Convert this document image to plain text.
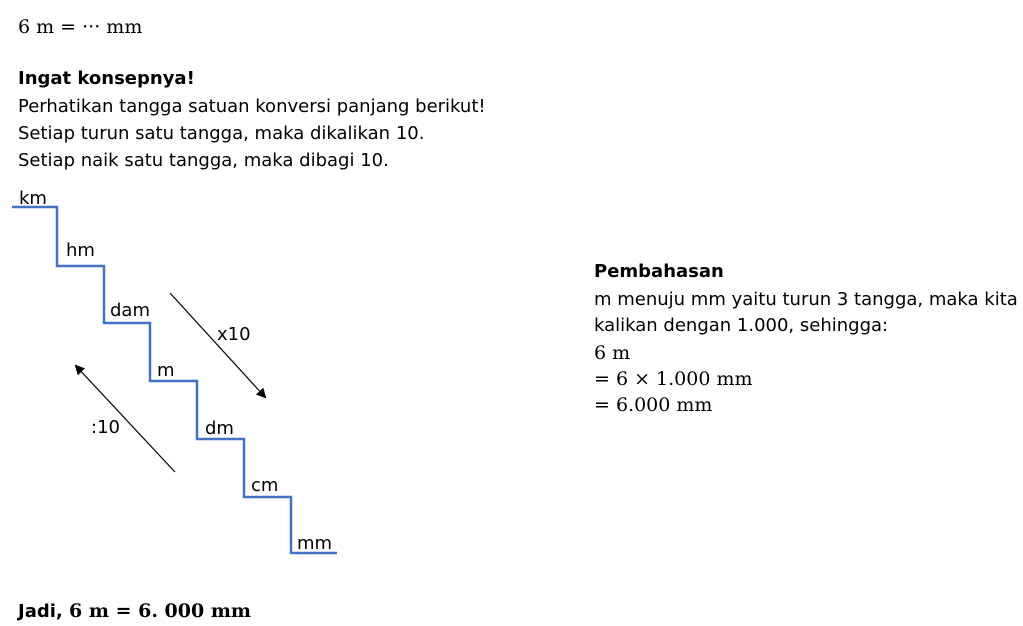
6 m = ··· mm
Ingat konsepnya!
Perhatikan tangga satuan konversi panjang berikut!
Setiap turun satu tangga, maka dikalikan 10.
Setiap naik satu tangga, maka dibagi 10.
km
hm
dam
m
dm
cm
mm
x10
:10
Pembahasan
m menuju mm yaitu turun 3 tangga, maka kita
kalikan dengan 1.000, sehingga:
6 m
= 6 × 1.000 mm
= 6.000 mm
Jadi, 6 m = 6. 000 mm
